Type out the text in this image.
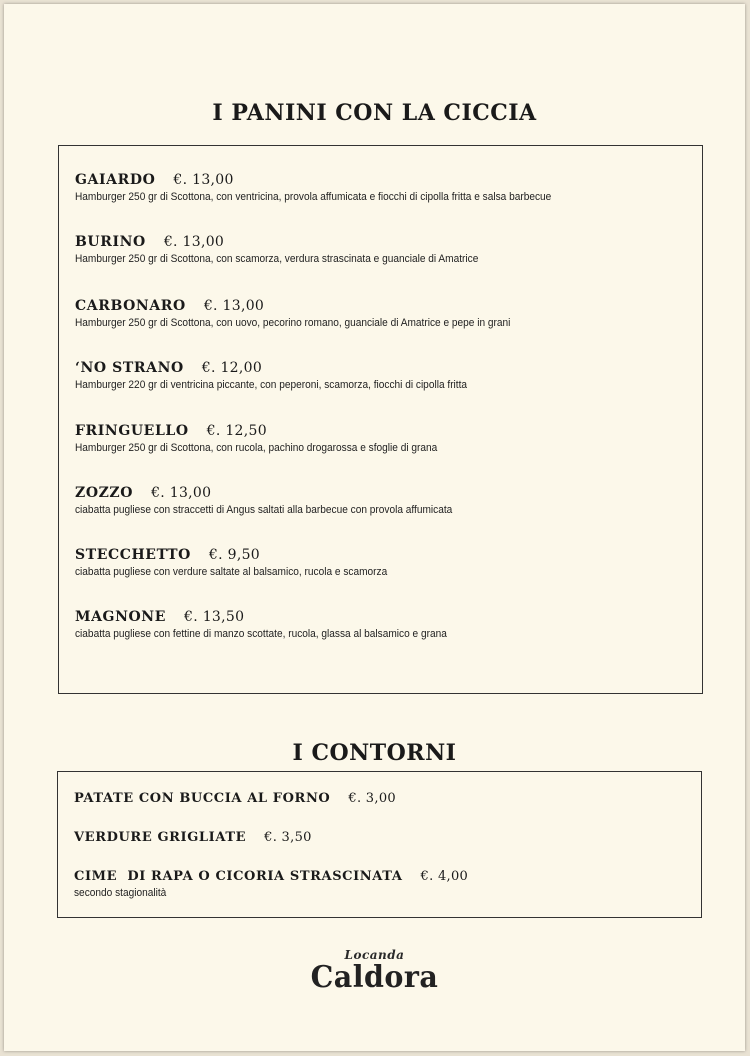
I PANINI CON LA CICCIA
GAIARDO €. 13,00
Hamburger 250 gr di Scottona, con ventricina, provola affumicata e fiocchi di cipolla fritta e salsa barbecue
BURINO €. 13,00
Hamburger 250 gr di Scottona, con scamorza, verdura strascinata e guanciale di Amatrice
CARBONARO €. 13,00
Hamburger 250 gr di Scottona, con uovo, pecorino romano, guanciale di Amatrice e pepe in grani
‘NO STRANO €. 12,00
Hamburger 220 gr di ventricina piccante, con peperoni, scamorza, fiocchi di cipolla fritta
FRINGUELLO €. 12,50
Hamburger 250 gr di Scottona, con rucola, pachino drogarossa e sfoglie di grana
ZOZZO €. 13,00
ciabatta pugliese con straccetti di Angus saltati alla barbecue con provola affumicata
STECCHETTO €. 9,50
ciabatta pugliese con verdure saltate al balsamico, rucola e scamorza
MAGNONE €. 13,50
ciabatta pugliese con fettine di manzo scottate, rucola, glassa al balsamico e grana
I CONTORNI
PATATE CON BUCCIA AL FORNO €. 3,00
VERDURE GRIGLIATE €. 3,50
CIME  DI RAPA O CICORIA STRASCINATA €. 4,00
secondo stagionalità
Locanda
Caldora
